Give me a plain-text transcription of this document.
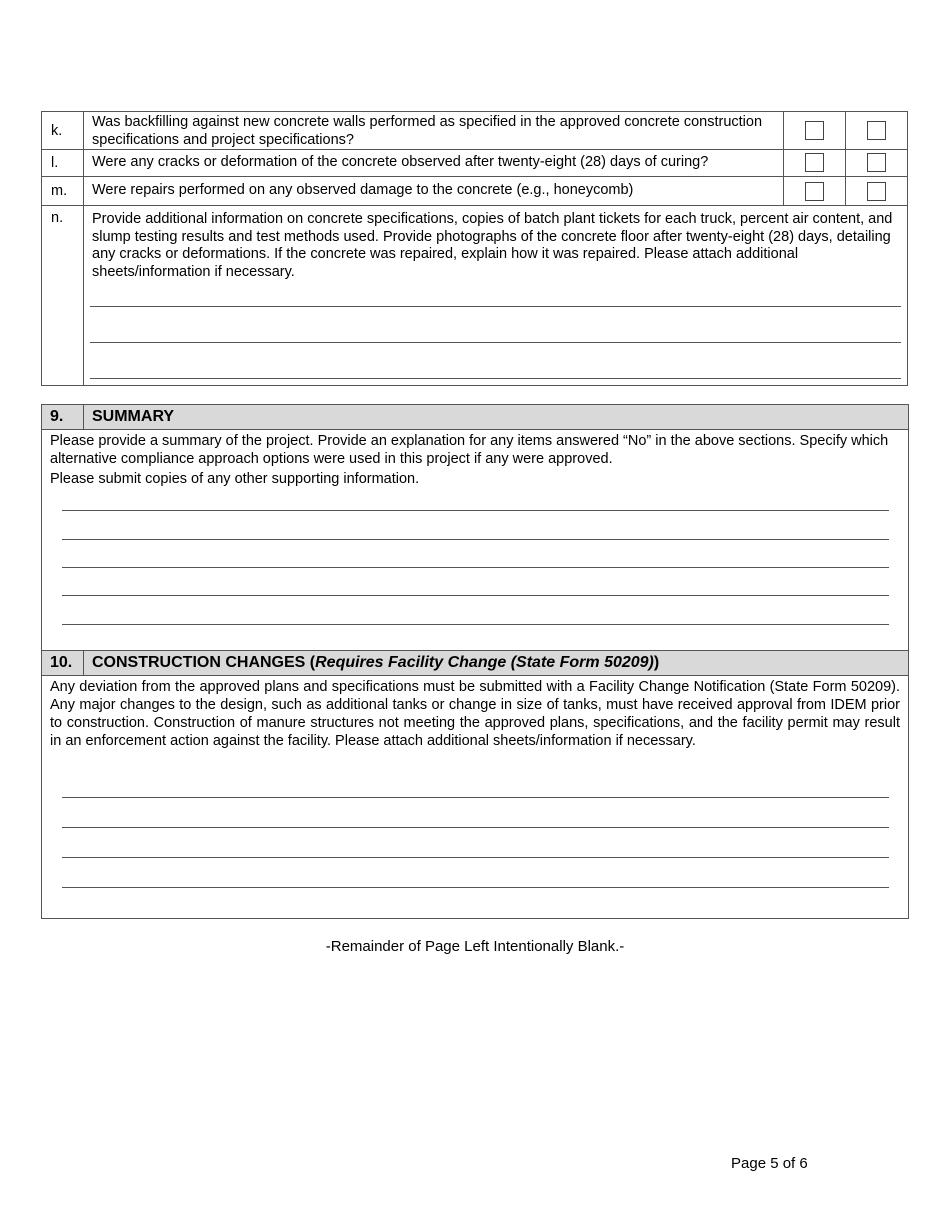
k.	Was backfilling against new concrete walls performed as specified in the approved concrete construction specifications and project specifications?		

l.	Were any cracks or deformation of the concrete observed after twenty-eight (28) days of curing?		

m.	Were repairs performed on any observed damage to the concrete (e.g., honeycomb)		

n.	Provide additional information on concrete specifications, copies of batch plant tickets for each truck, percent air content, and slump testing results and test methods used. Provide photographs of the concrete floor after twenty-eight (28) days, detailing any cracks or deformations. If the concrete was repaired, explain how it was repaired. Please attach additional sheets/information if necessary.		
9.	SUMMARY
Please provide a summary of the project. Provide an explanation for any items answered “No” in the above sections. Specify which alternative compliance approach options were used in this project if any were approved.
Please submit copies of any other supporting information.
10.	CONSTRUCTION CHANGES (Requires Facility Change (State Form 50209))
Any deviation from the approved plans and specifications must be submitted with a Facility Change Notification (State Form 50209). Any major changes to the design, such as additional tanks or change in size of tanks, must have received approval from IDEM prior to construction. Construction of manure structures not meeting the approved plans, specifications, and the facility permit may result in an enforcement action against the facility. Please attach additional sheets/information if necessary.
-Remainder of Page Left Intentionally Blank.-
Page 5 of 6
